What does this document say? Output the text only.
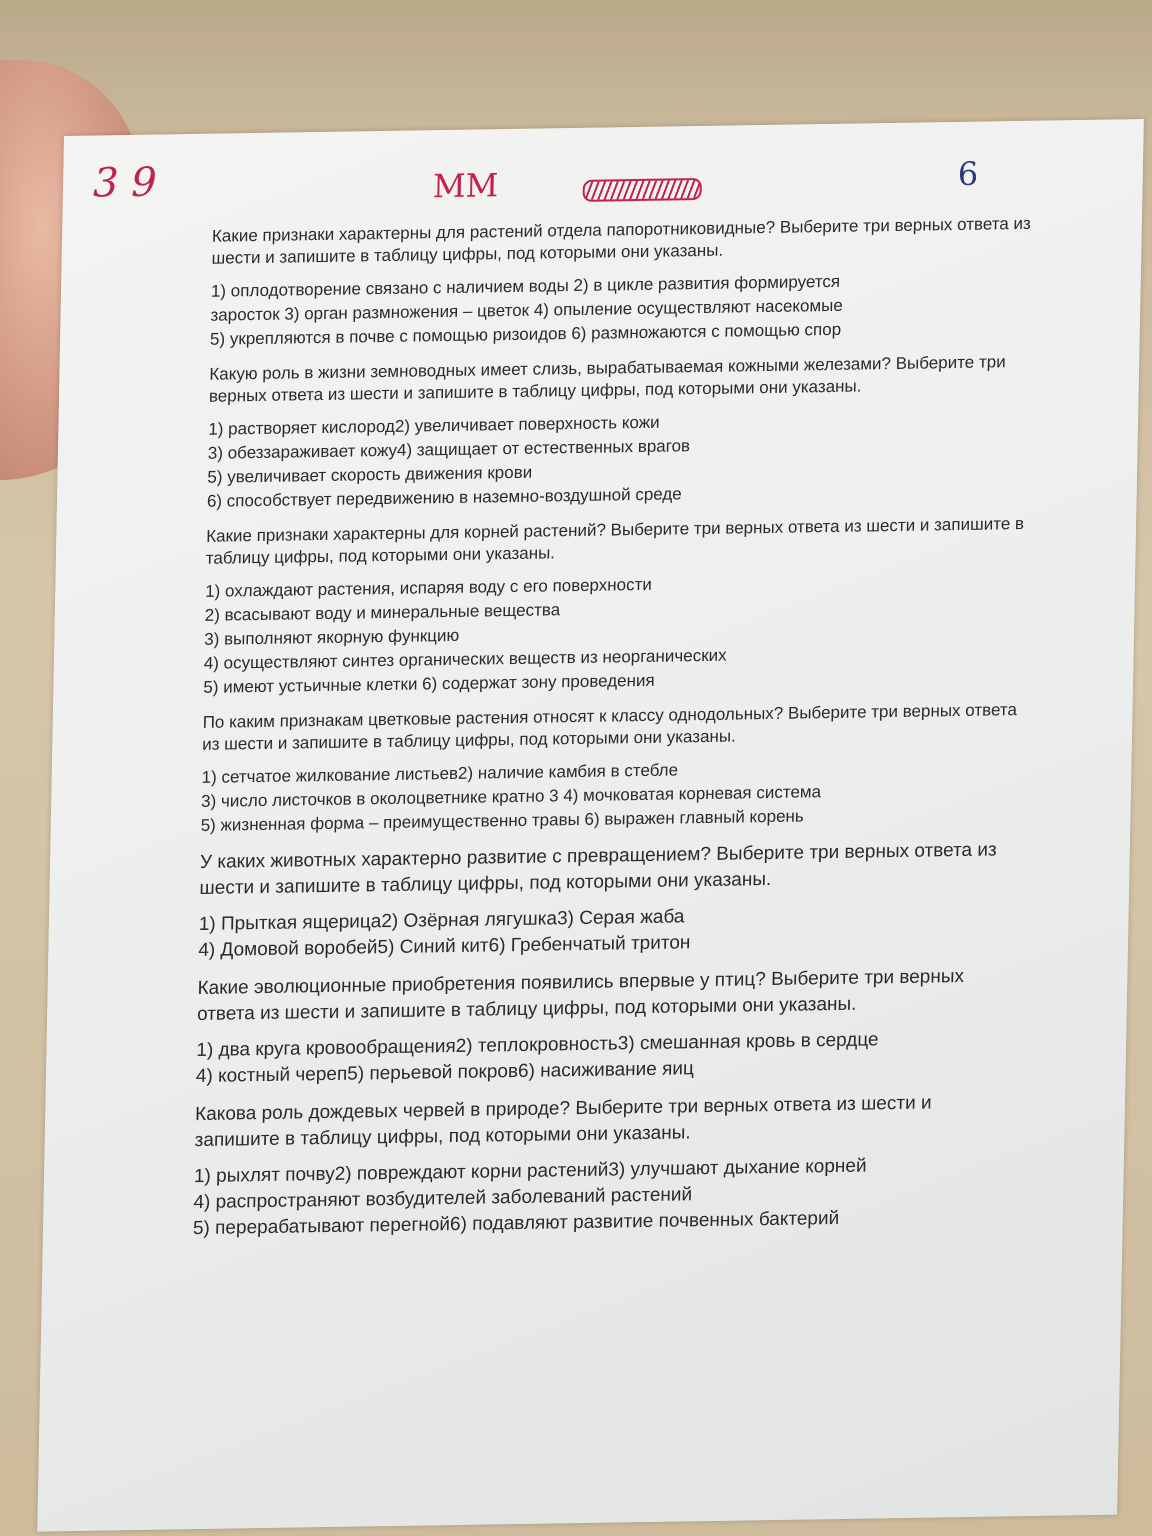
3 9	ММ	6
Какие признаки характерны для растений отдела папоротниковидные? Выберите три верных ответа из шести и запишите в таблицу цифры, под которыми они указаны.
1) оплодотворение связано с наличием воды 2) в цикле развития формируется
заросток 3) орган размножения – цветок 4) опыление осуществляют насекомые
5) укрепляются в почве с помощью ризоидов 6) размножаются с помощью спор
Какую роль в жизни земноводных имеет слизь, вырабатываемая кожными железами? Выберите три верных ответа из шести и запишите в таблицу цифры, под которыми они указаны.
1) растворяет кислород2) увеличивает поверхность кожи
3) обеззараживает кожу4) защищает от естественных врагов
5) увеличивает скорость движения крови
6) способствует передвижению в наземно-воздушной среде
Какие признаки характерны для корней растений? Выберите три верных ответа из шести и запишите в таблицу цифры, под которыми они указаны.
1) охлаждают растения, испаряя воду с его поверхности
2) всасывают воду и минеральные вещества
3) выполняют якорную функцию
4) осуществляют синтез органических веществ из неорганических
5) имеют устьичные клетки 6) содержат зону проведения
По каким признакам цветковые растения относят к классу однодольных? Выберите три верных ответа из шести и запишите в таблицу цифры, под которыми они указаны.
1) сетчатое жилкование листьев2) наличие камбия в стебле
3) число листочков в околоцветнике кратно 3 4) мочковатая корневая система
5) жизненная форма – преимущественно травы 6) выражен главный корень
У каких животных характерно развитие с превращением? Выберите три верных ответа из шести и запишите в таблицу цифры, под которыми они указаны.
1) Прыткая ящерица2) Озёрная лягушка3) Серая жаба
4) Домовой воробей5) Синий кит6) Гребенчатый тритон
Какие эволюционные приобретения появились впервые у птиц? Выберите три верных ответа из шести и запишите в таблицу цифры, под которыми они указаны.
1) два круга кровообращения2) теплокровность3) смешанная кровь в сердце
4) костный череп5) перьевой покров6) насиживание яиц
Какова роль дождевых червей в природе? Выберите три верных ответа из шести и запишите в таблицу цифры, под которыми они указаны.
1) рыхлят почву2) повреждают корни растений3) улучшают дыхание корней
4) распространяют возбудителей заболеваний растений
5) перерабатывают перегной6) подавляют развитие почвенных бактерий
